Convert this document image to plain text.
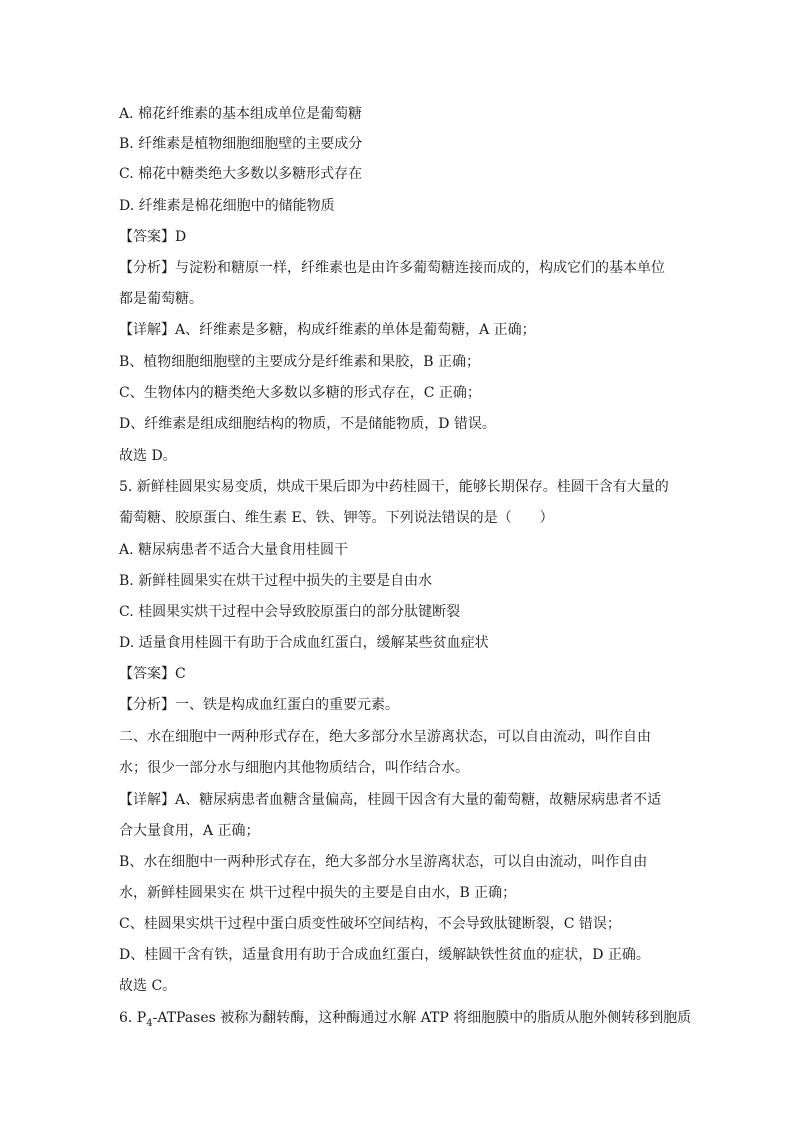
A. 棉花纤维素的基本组成单位是葡萄糖
B. 纤维素是植物细胞细胞壁的主要成分
C. 棉花中糖类绝大多数以多糖形式存在
D. 纤维素是棉花细胞中的储能物质
【答案】D
【分析】与淀粉和糖原一样，纤维素也是由许多葡萄糖连接而成的，构成它们的基本单位
都是葡萄糖。
【详解】A、纤维素是多糖，构成纤维素的单体是葡萄糖，A 正确；
B、植物细胞细胞壁的主要成分是纤维素和果胶，B 正确；
C、生物体内的糖类绝大多数以多糖的形式存在，C 正确；
D、纤维素是组成细胞结构的物质，不是储能物质，D 错误。
故选 D。
5. 新鲜桂圆果实易变质，烘成干果后即为中药桂圆干，能够长期保存。桂圆干含有大量的
葡萄糖、胶原蛋白、维生素 E、铁、钾等。下列说法错误的是（　　）
A. 糖尿病患者不适合大量食用桂圆干
B. 新鲜桂圆果实在烘干过程中损失的主要是自由水
C. 桂圆果实烘干过程中会导致胶原蛋白的部分肽键断裂
D. 适量食用桂圆干有助于合成血红蛋白，缓解某些贫血症状
【答案】C
【分析】一、铁是构成血红蛋白的重要元素。
二、水在细胞中一两种形式存在，绝大多部分水呈游离状态，可以自由流动，叫作自由
水；很少一部分水与细胞内其他物质结合，叫作结合水。
【详解】A、糖尿病患者血糖含量偏高，桂圆干因含有大量的葡萄糖，故糖尿病患者不适
合大量食用，A 正确；
B、水在细胞中一两种形式存在，绝大多部分水呈游离状态，可以自由流动，叫作自由
水，新鲜桂圆果实在 烘干过程中损失的主要是自由水，B 正确；
C、桂圆果实烘干过程中蛋白质变性破坏空间结构，不会导致肽键断裂，C 错误；
D、桂圆干含有铁，适量食用有助于合成血红蛋白，缓解缺铁性贫血的症状，D 正确。
故选 C。
6. $P_4$-ATPases 被称为翻转酶，这种酶通过水解 ATP 将细胞膜中的脂质从胞外侧转移到胞质
